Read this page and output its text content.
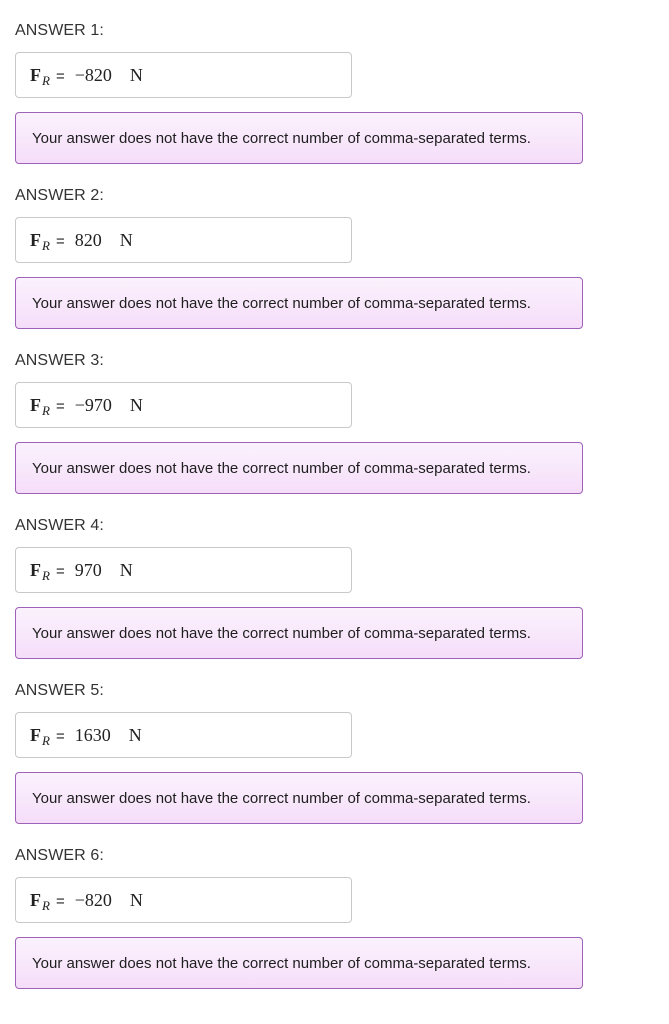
ANSWER 1:
F R = −820 N
Your answer does not have the correct number of comma-separated terms.
ANSWER 2:
F R = 820 N
Your answer does not have the correct number of comma-separated terms.
ANSWER 3:
F R = −970 N
Your answer does not have the correct number of comma-separated terms.
ANSWER 4:
F R = 970 N
Your answer does not have the correct number of comma-separated terms.
ANSWER 5:
F R = 1630 N
Your answer does not have the correct number of comma-separated terms.
ANSWER 6:
F R = −820 N
Your answer does not have the correct number of comma-separated terms.
